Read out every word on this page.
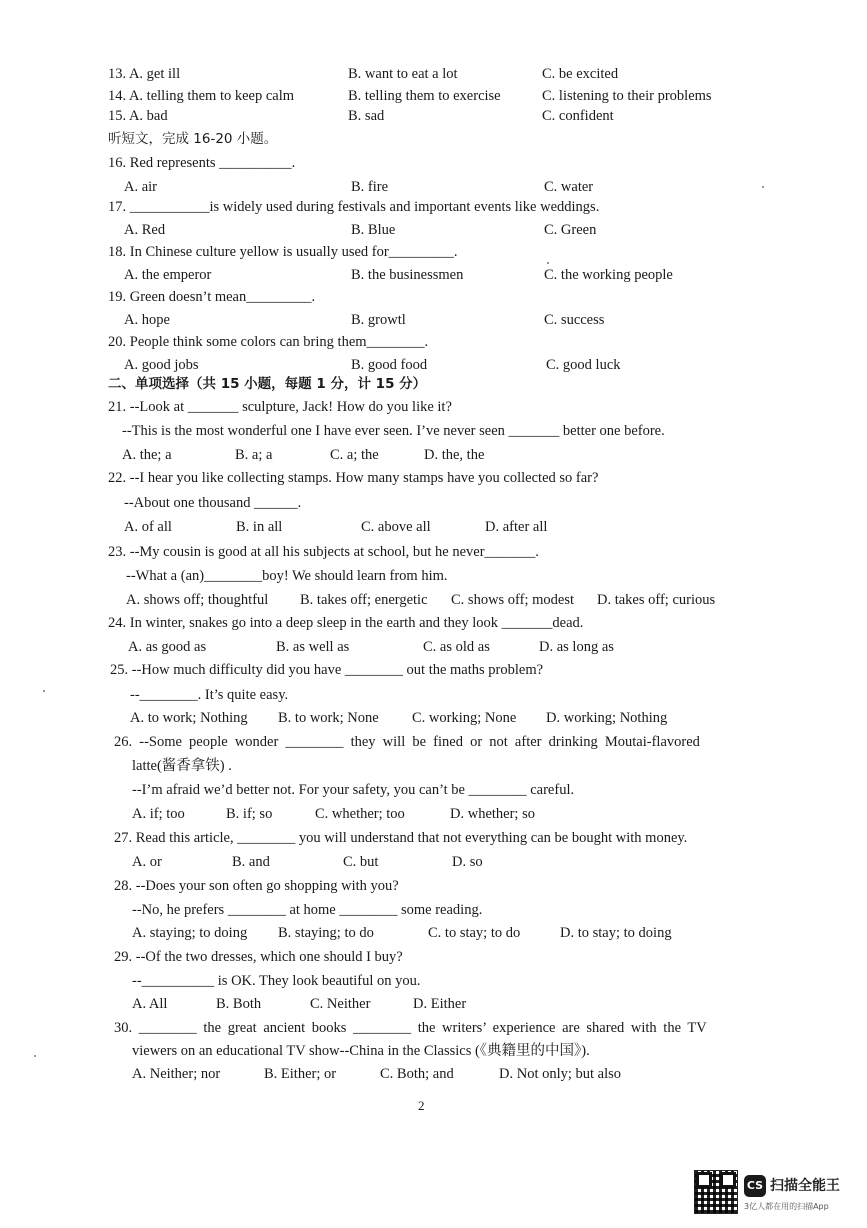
13. A. get ill	B. want to eat a lot	C. be excited
14. A. telling them to keep calm	B. telling them to exercise	C. listening to their problems
15. A. bad	B. sad	C. confident
听短文，完成 16-20 小题。
16. Red represents __________.
A. air	B. fire	C. water
17. ___________is widely used during festivals and important events like weddings.
A. Red	B. Blue	C. Green
18. In Chinese culture yellow is usually used for_________.
A. the emperor	B. the businessmen	C. the working people
19. Green doesn’t mean_________.
A. hope	B. growtl	C. success
20. People think some colors can bring them________.
A. good jobs	B. good food	C. good luck
二、单项选择（共 15 小题，每题 1 分，计 15 分）
21. --Look at _______ sculpture, Jack! How do you like it?
--This is the most wonderful one I have ever seen. I’ve never seen _______ better one before.
A. the; a	B. a; a	C. a; the	D. the, the
22. --I hear you like collecting stamps. How many stamps have you collected so far?
--About one thousand ______.
A. of all	B. in all	C. above all	D. after all
23. --My cousin is good at all his subjects at school, but he never_______.
--What a (an)________boy! We should learn from him.
A. shows off; thoughtful B. takes off; energetic C. shows off; modest D. takes off; curious
24. In winter, snakes go into a deep sleep in the earth and they look _______dead.
A. as good as	B. as well as	C. as old as	D. as long as
25. --How much difficulty did you have ________ out the maths problem?
--________. It’s quite easy.
A. to work; Nothing B. to work; None C. working; None D. working; Nothing
26. --Some people wonder ________ they will be fined or not after drinking Moutai-flavored
latte(酱香拿铁) .
--I’m afraid we’d better not. For your safety, you can’t be ________ careful.
A. if; too	B. if; so	C. whether; too	D. whether; so
27. Read this article, ________ you will understand that not everything can be bought with money.
A. or	B. and	C. but	D. so
28. --Does your son often go shopping with you?
--No, he prefers ________ at home ________ some reading.
A. staying; to doing B. staying; to do	C. to stay; to do	D. to stay; to doing
29. --Of the two dresses, which one should I buy?
--__________ is OK. They look beautiful on you.
A. All	B. Both	C. Neither	D. Either
30. ________ the great ancient books ________ the writers’ experience are shared with the TV
viewers on an educational TV show--China in the Classics (《典籍里的中国》).
A. Neither; nor	B. Either; or	C. Both; and	D. Not only; but also
2
CS 扫描全能王
3亿人都在用的扫描App
